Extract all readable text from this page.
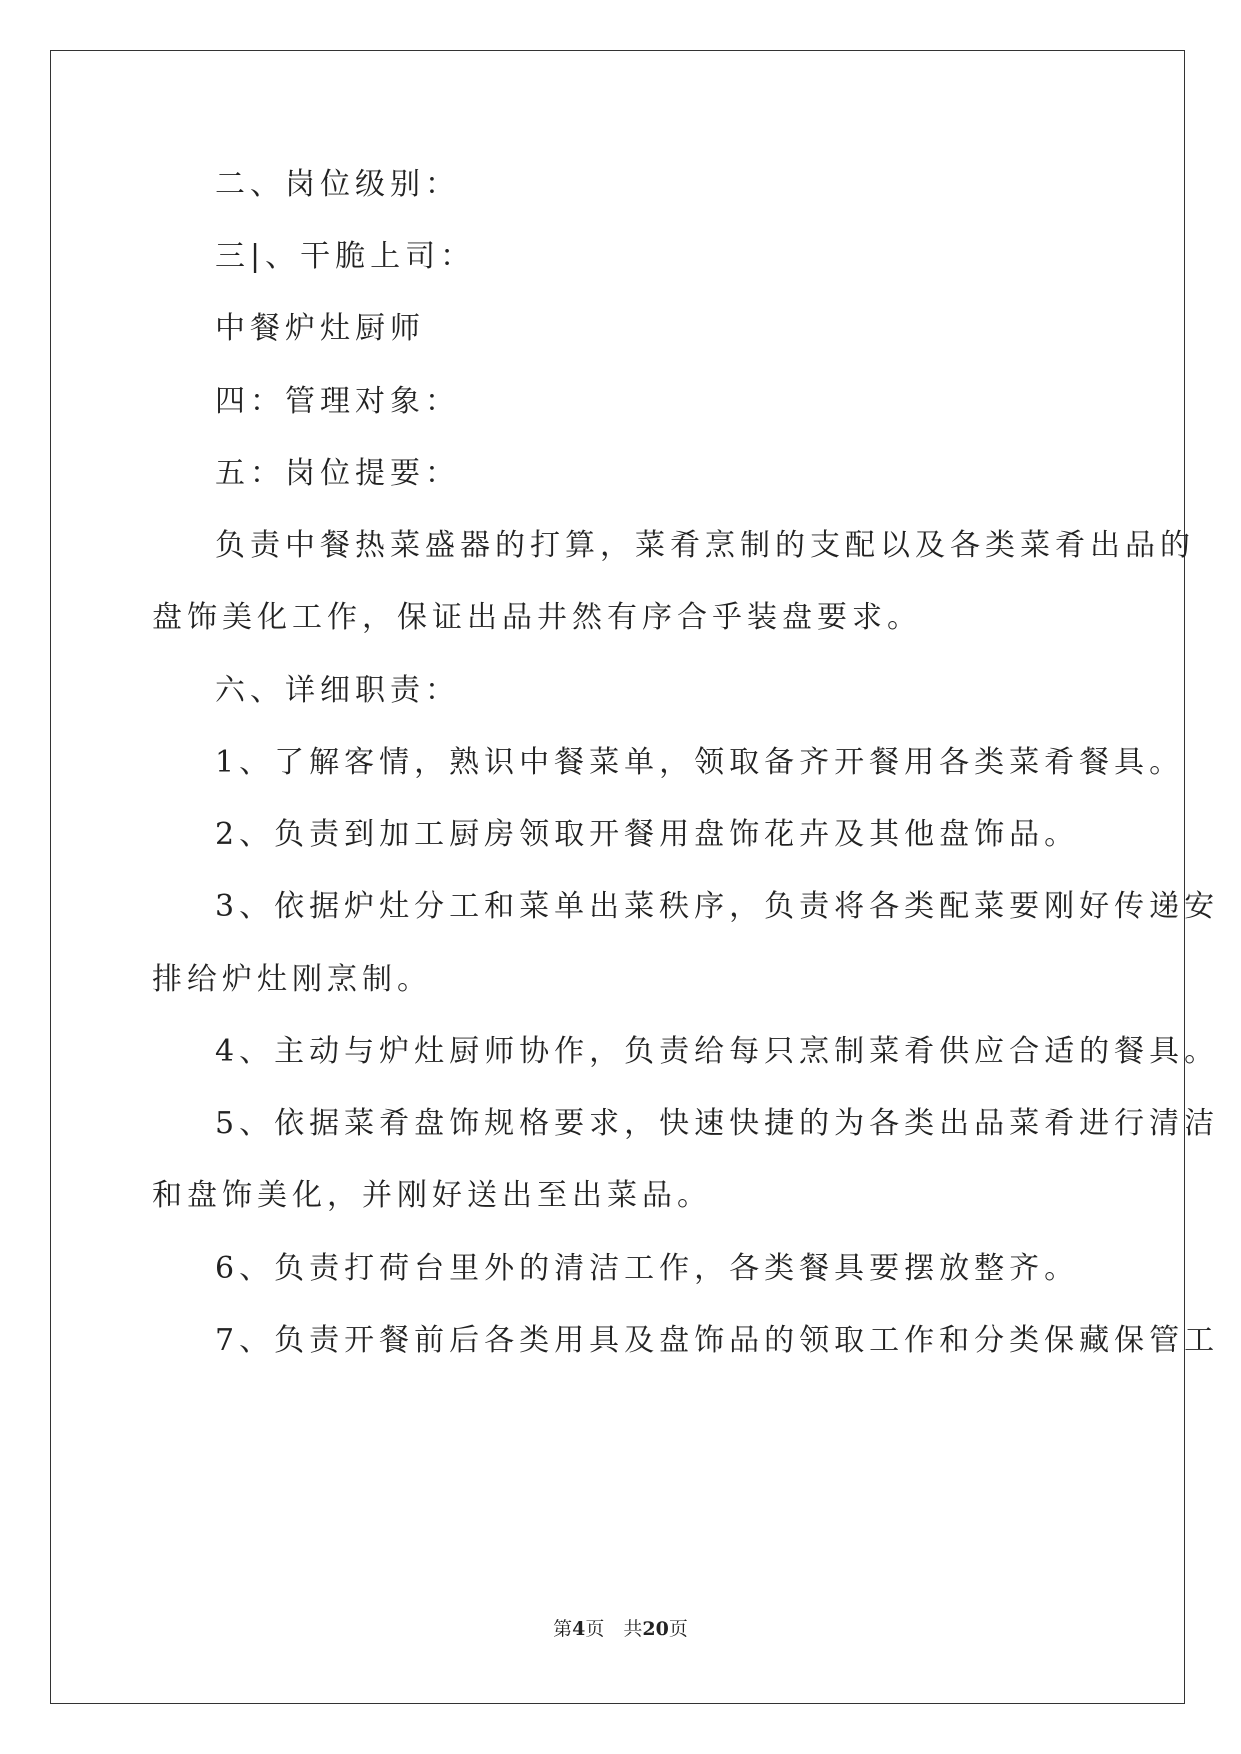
二、岗位级别：

三|、干脆上司：

中餐炉灶厨师

四：管理对象：

五：岗位提要：

负责中餐热菜盛器的打算，菜肴烹制的支配以及各类菜肴出品的

盘饰美化工作，保证出品井然有序合乎装盘要求。

六、详细职责：

1、了解客情，熟识中餐菜单，领取备齐开餐用各类菜肴餐具。

2、负责到加工厨房领取开餐用盘饰花卉及其他盘饰品。

3、依据炉灶分工和菜单出菜秩序，负责将各类配菜要刚好传递安

排给炉灶刚烹制。

4、主动与炉灶厨师协作，负责给每只烹制菜肴供应合适的餐具。

5、依据菜肴盘饰规格要求，快速快捷的为各类出品菜肴进行清洁

和盘饰美化，并刚好送出至出菜品。

6、负责打荷台里外的清洁工作，各类餐具要摆放整齐。

7、负责开餐前后各类用具及盘饰品的领取工作和分类保藏保管工

第4页　共20页
